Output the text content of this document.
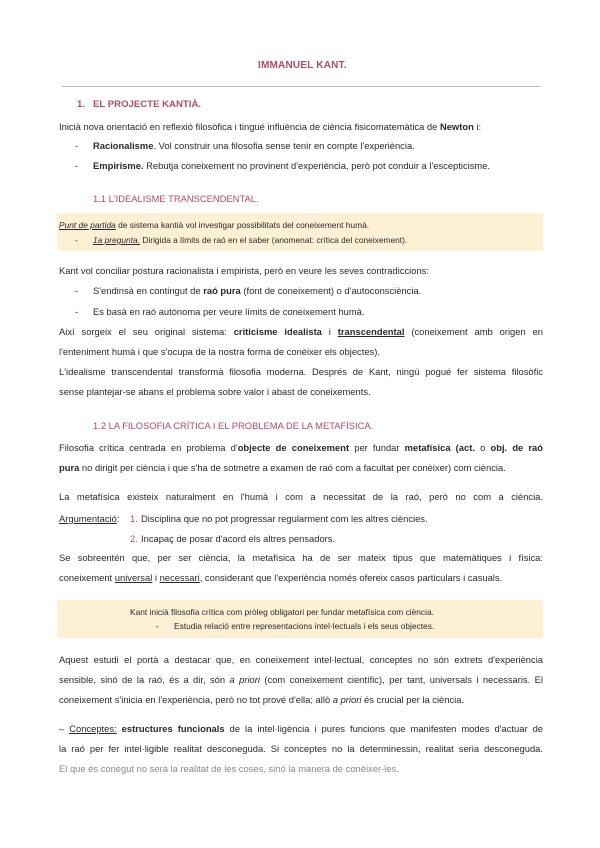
IMMANUEL KANT.
1. EL PROJECTE KANTIÀ.
Inicià nova orientació en reflexió filosòfica i tingué influència de ciència fisicomatemàtica de Newton i:
- Racionalisme. Vol construir una filosofia sense tenir en compte l'experiència.
- Empirisme. Rebutja coneixement no provinent d'experiència, però pot conduir a l'escepticisme.
1.1 L'IDEALISME TRANSCENDENTAL.
Punt de partida de sistema kantià vol investigar possibilitats del coneixement humà.
- 1a pregunta. Dirigida a límits de raó en el saber (anomenat: crítica del coneixement).
Kant vol conciliar postura racionalista i empirista, però en veure les seves contradiccions:
- S'endinsà en contingut de raó pura (font de coneixement) o d'autoconsciència.
- Es basà en raó autònoma per veure límits de coneixement humà.
Així sorgeix el seu original sistema: criticisme idealista i transcendental (coneixement amb origen en
l'enteniment humà i que s'ocupa de la nostra forma de conèixer els objectes).
L'idealisme transcendental transformà filosofia moderna. Després de Kant, ningú pogué fer sistema filosòfic
sense plantejar-se abans el problema sobre valor i abast de coneixements.
1.2 LA FILOSOFIA CRÍTICA I EL PROBLEMA DE LA METAFÍSICA.
Filosofia crítica centrada en problema d'objecte de coneixement per fundar metafísica (act. o obj. de raó
pura no dirigit per ciència i que s'ha de sotmetre a examen de raó com a facultat per conèixer) com ciència.
La metafísica existeix naturalment en l'humà i com a necessitat de la raó, però no com a ciència.
Argumentació: 1. Disciplina que no pot progressar regularment com les altres ciències.
2. Incapaç de posar d'acord els altres pensadors.
Se sobreentén que, per ser ciència, la metafísica ha de ser mateix tipus que matemàtiques i física:
coneixement universal i necessari, considerant que l'experiència només ofereix casos particulars i casuals.
Kant inicià filosofia crítica com pròleg obligatori per fundar metafísica com ciència.
- Estudia relació entre representacions intel·lectuals i els seus objectes.
Aquest estudi el portà a destacar que, en coneixement intel·lectual, conceptes no són extrets d'experiència
sensible, sinó de la raó, és a dir, són a priori (com coneixement científic), per tant, universals i necessaris. El
coneixement s'inicia en l'experiència, però no tot prové d'ella; allò a priori és crucial per la ciència.
– Conceptes: estructures funcionals de la intel·ligència i pures funcions que manifesten modes d'actuar de
la raó per fer intel·ligible realitat desconeguda. Si conceptes no la determinessin, realitat seria desconeguda.
El que és conegut no serà la realitat de les coses, sinó la manera de conèixer-les.
